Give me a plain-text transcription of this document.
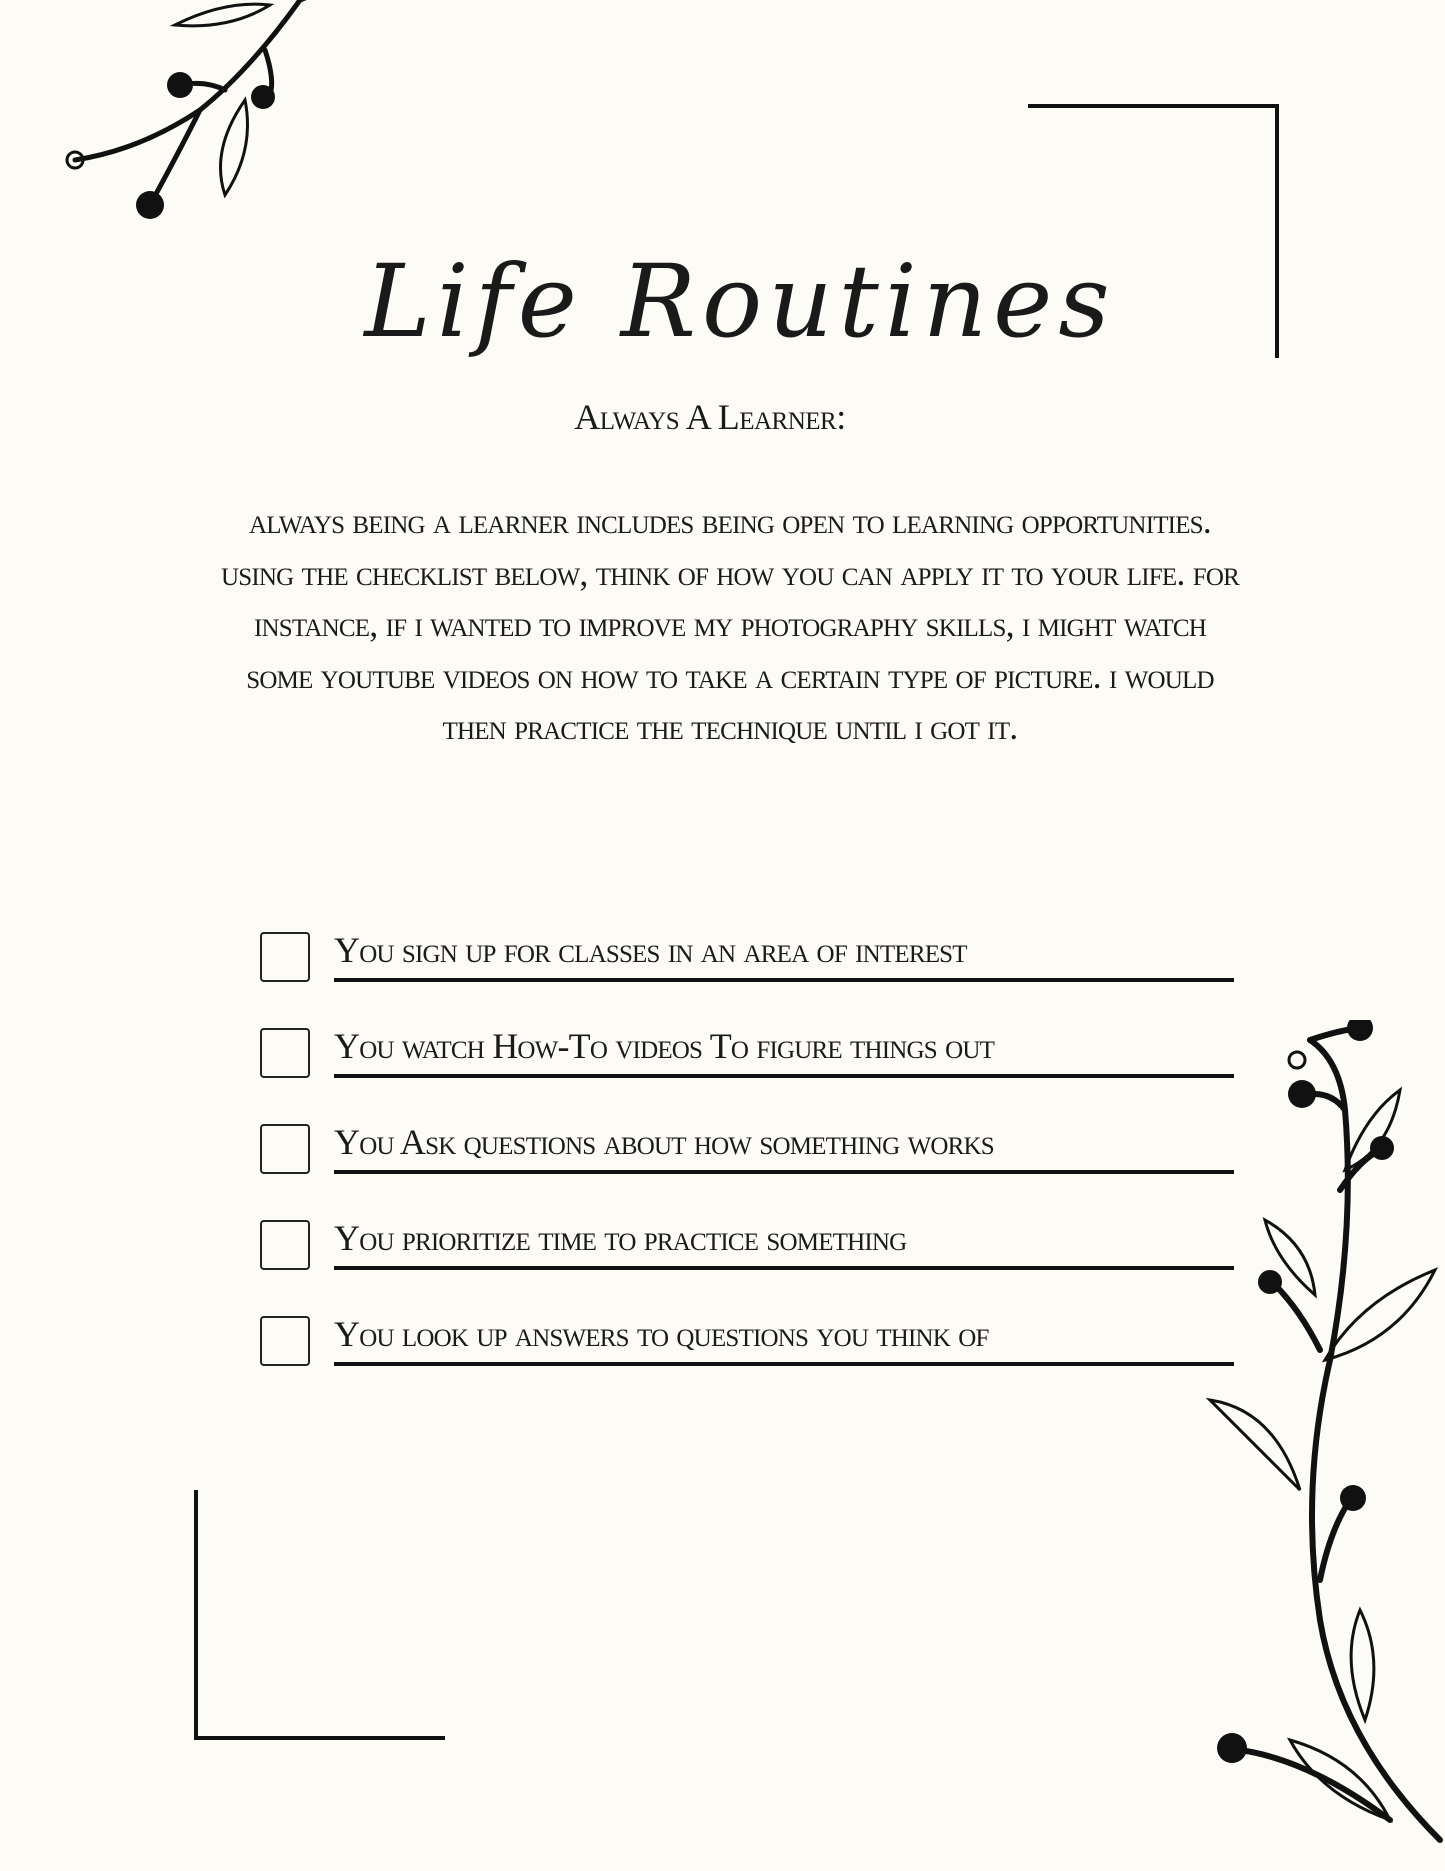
Life Routines
Always A Learner:

always being a learner includes being open to learning opportunities. using the checklist below, think of how you can apply it to your life. for instance, if i wanted to improve my photography skills, i might watch some youtube videos on how to take a certain type of picture. i would then practice the technique until i got it.

You sign up for classes in an area of interest
You watch How-To videos To figure things out
You Ask questions about how something works
You prioritize time to practice something
You look up answers to questions you think of
